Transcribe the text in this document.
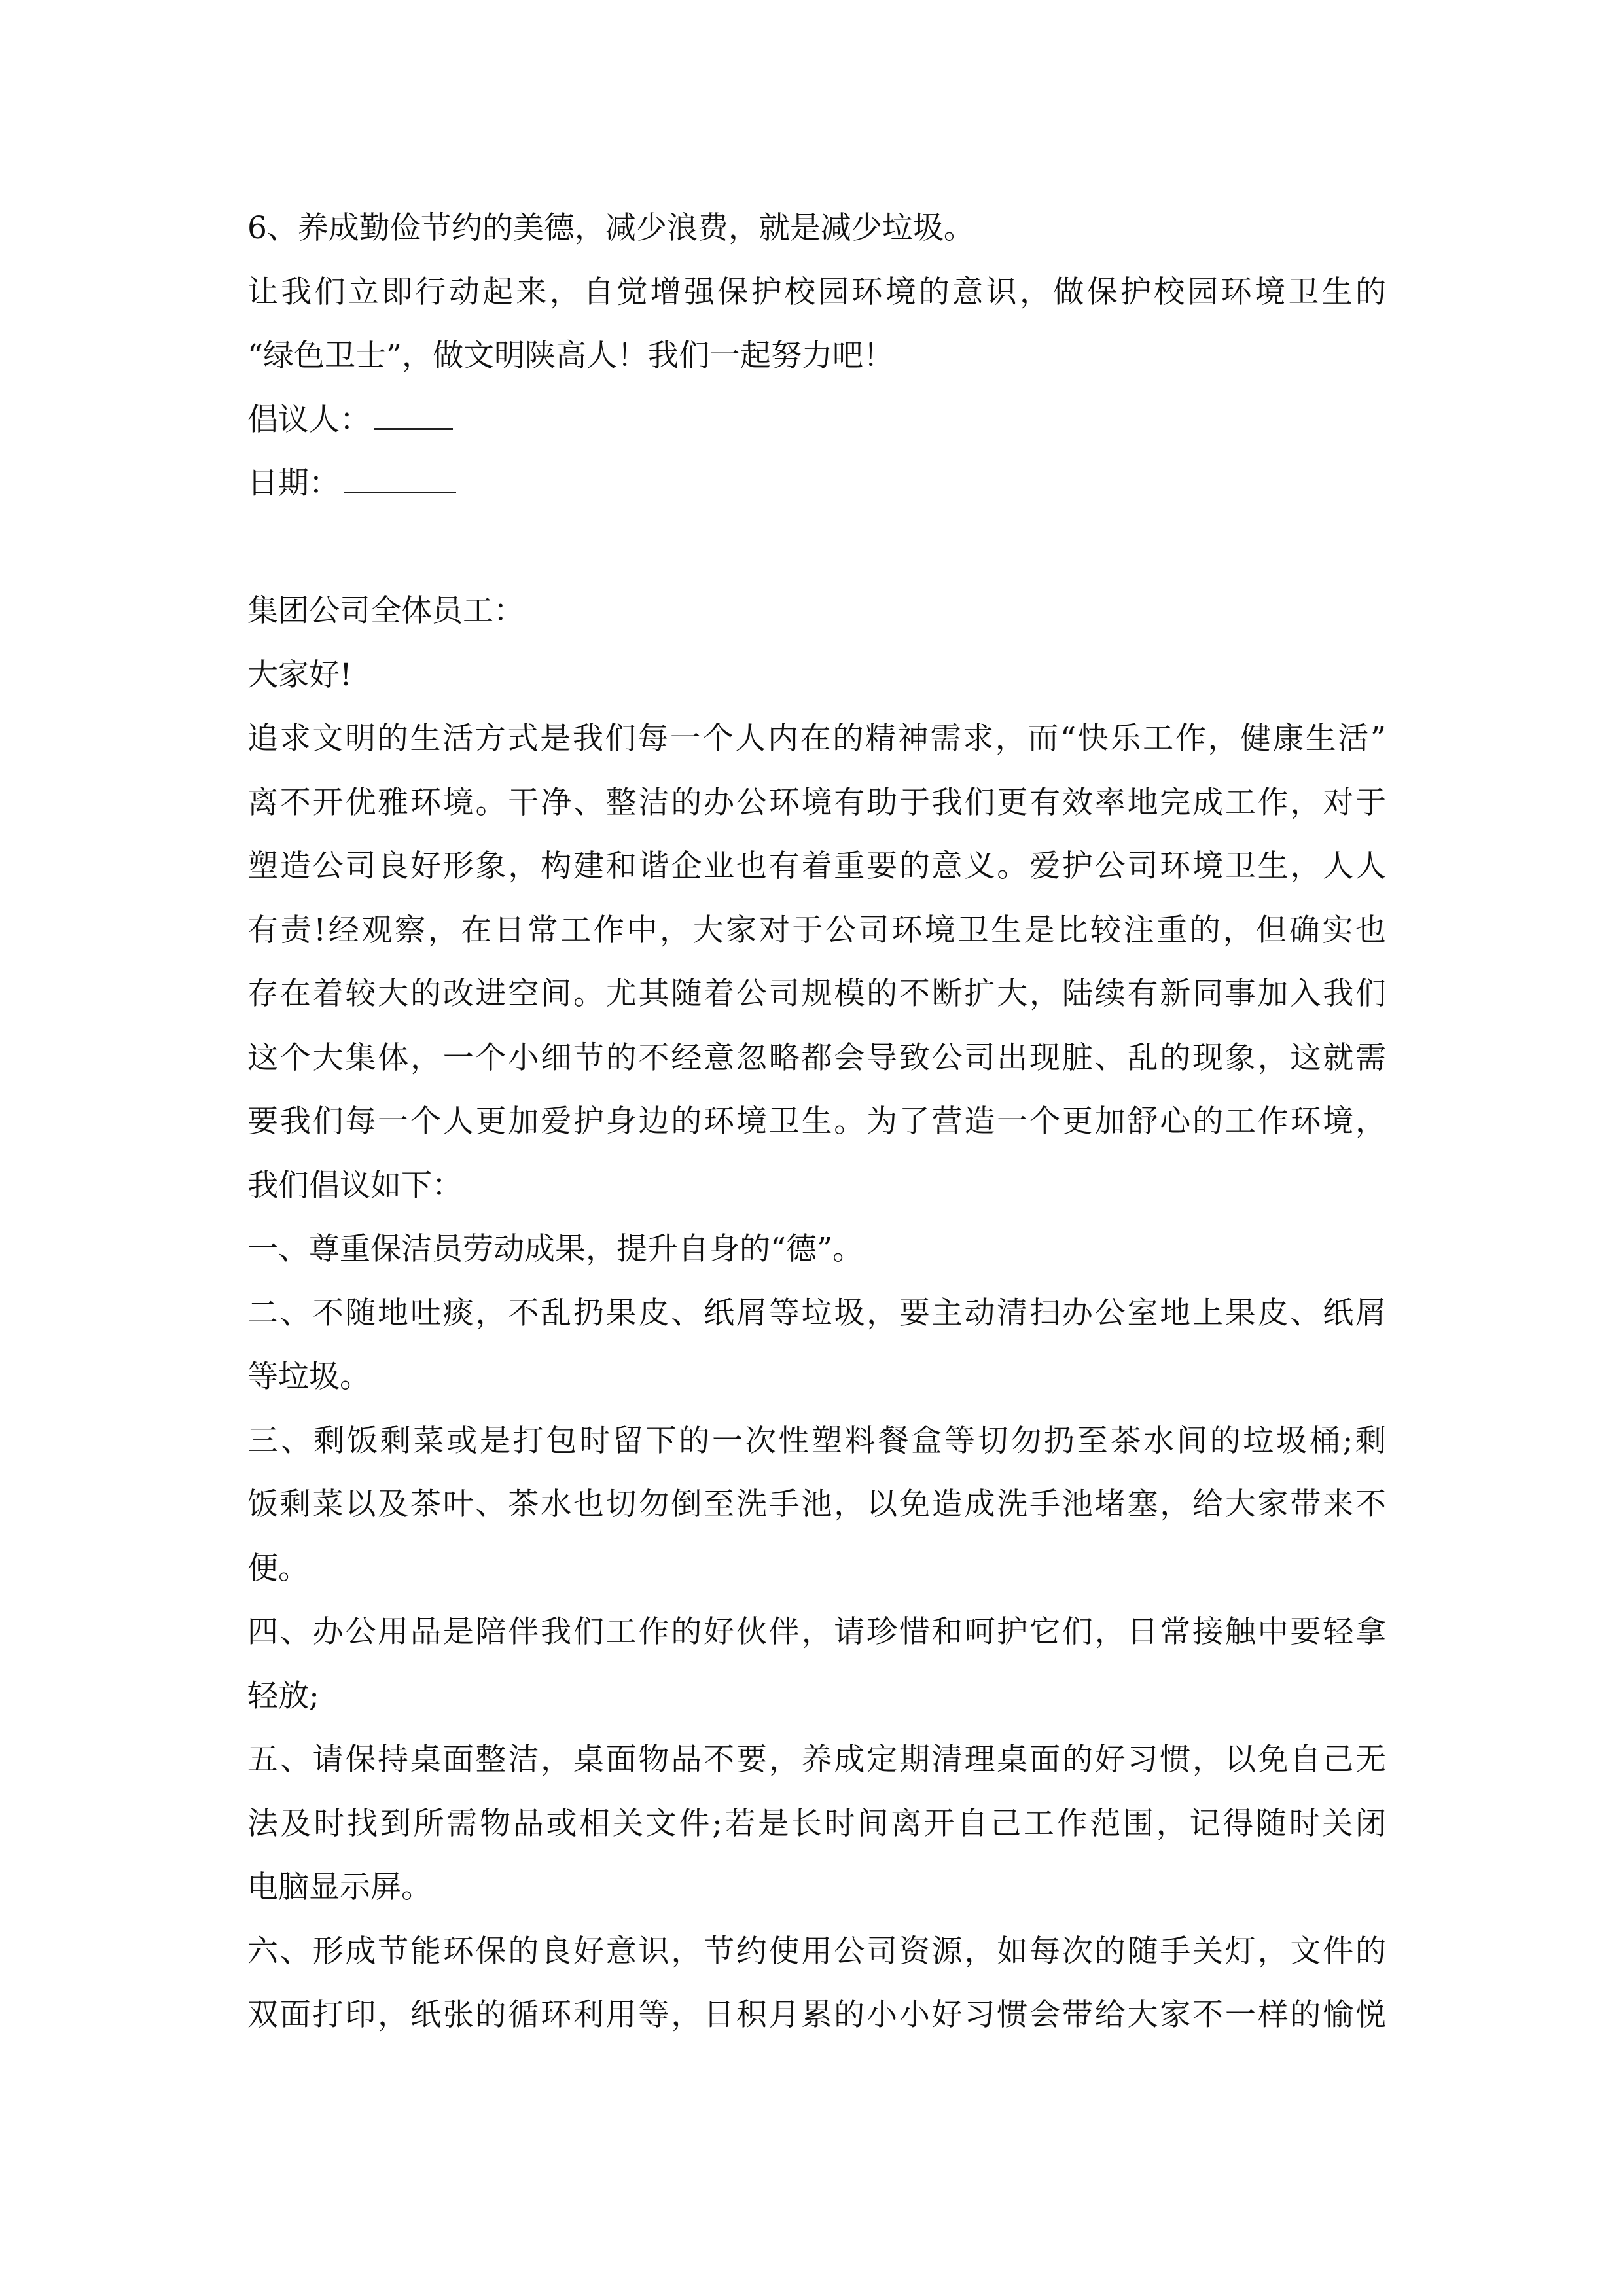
6、养成勤俭节约的美德，减少浪费，就是减少垃圾。
让我们立即行动起来，自觉增强保护校园环境的意识，做保护校园环境卫生的
“绿色卫士”，做文明陕高人！我们一起努力吧！
倡议人：
日期：
集团公司全体员工：
大家好!
追求文明的生活方式是我们每一个人内在的精神需求，而“快乐工作，健康生活”
离不开优雅环境。干净、整洁的办公环境有助于我们更有效率地完成工作，对于
塑造公司良好形象，构建和谐企业也有着重要的意义。爱护公司环境卫生，人人
有责!经观察，在日常工作中，大家对于公司环境卫生是比较注重的，但确实也
存在着较大的改进空间。尤其随着公司规模的不断扩大，陆续有新同事加入我们
这个大集体，一个小细节的不经意忽略都会导致公司出现脏、乱的现象，这就需
要我们每一个人更加爱护身边的环境卫生。为了营造一个更加舒心的工作环境，
我们倡议如下：
一、尊重保洁员劳动成果，提升自身的“德”。
二、不随地吐痰，不乱扔果皮、纸屑等垃圾，要主动清扫办公室地上果皮、纸屑
等垃圾。
三、剩饭剩菜或是打包时留下的一次性塑料餐盒等切勿扔至茶水间的垃圾桶;剩
饭剩菜以及茶叶、茶水也切勿倒至洗手池，以免造成洗手池堵塞，给大家带来不
便。
四、办公用品是陪伴我们工作的好伙伴，请珍惜和呵护它们，日常接触中要轻拿
轻放;
五、请保持桌面整洁，桌面物品不要，养成定期清理桌面的好习惯，以免自己无
法及时找到所需物品或相关文件;若是长时间离开自己工作范围，记得随时关闭
电脑显示屏。
六、形成节能环保的良好意识，节约使用公司资源，如每次的随手关灯，文件的
双面打印，纸张的循环利用等，日积月累的小小好习惯会带给大家不一样的愉悦
